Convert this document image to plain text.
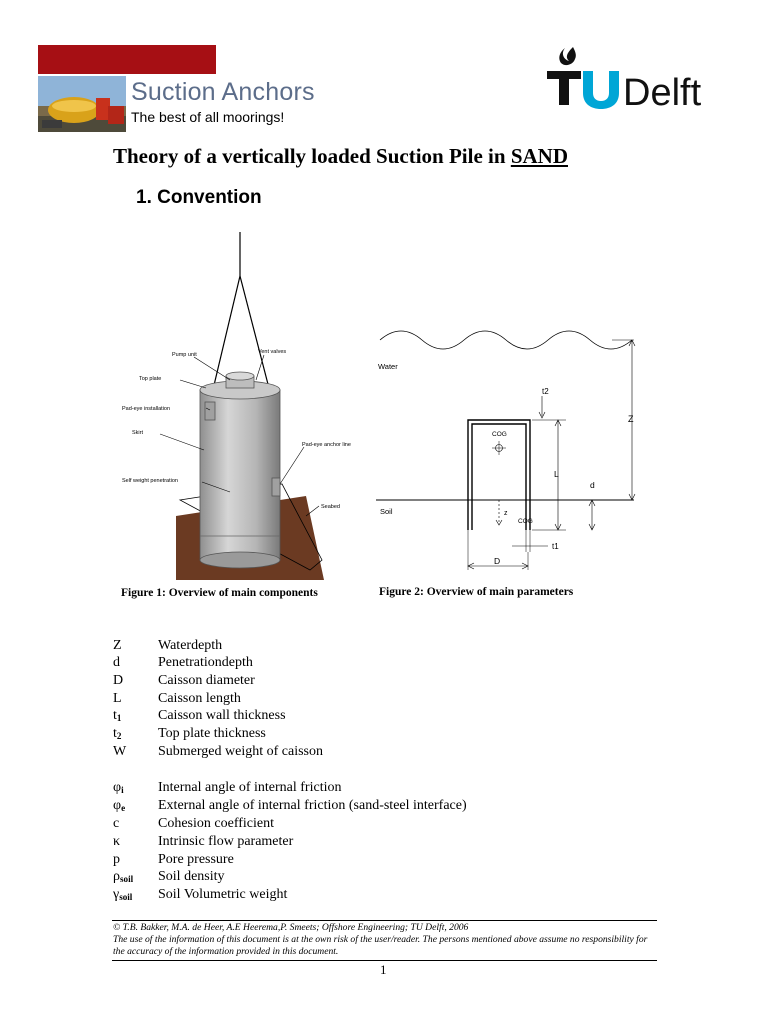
Suction Anchors
The best of all moorings!
Delft
Theory of a vertically loaded Suction Pile in SAND
1. Convention
Pump unit	Vent valves
Top plate
Pad-eye installation
Skirt
Pad-eye anchor line
Self weight penetration
Seabed
Water
Soil
COG
COG
z
t2
L
d
Z
t1
D
Figure 1: Overview of main components	Figure 2: Overview of main parameters
Z	Waterdepth
d	Penetrationdepth
D Caisson diameter
L	Caisson length
$t_1$	Caisson wall thickness
$t_2$	Top plate thickness
W Submerged weight of caisson
$\varphi_i$ Internal angle of internal friction
$\varphi_e$ External angle of internal friction (sand-steel interface)
c	Cohesion coefficient
κ	Intrinsic flow parameter
p	Pore pressure
$\rho_{soil}$ Soil density
$\gamma_{soil}$ Soil Volumetric weight
© T.B. Bakker, M.A. de Heer, A.E Heerema,P. Smeets; Offshore Engineering; TU Delft, 2006
The use of the information of this document is at the own risk of the user/reader. The persons mentioned above assume no responsibility for the accuracy of the information provided in this document.
1
